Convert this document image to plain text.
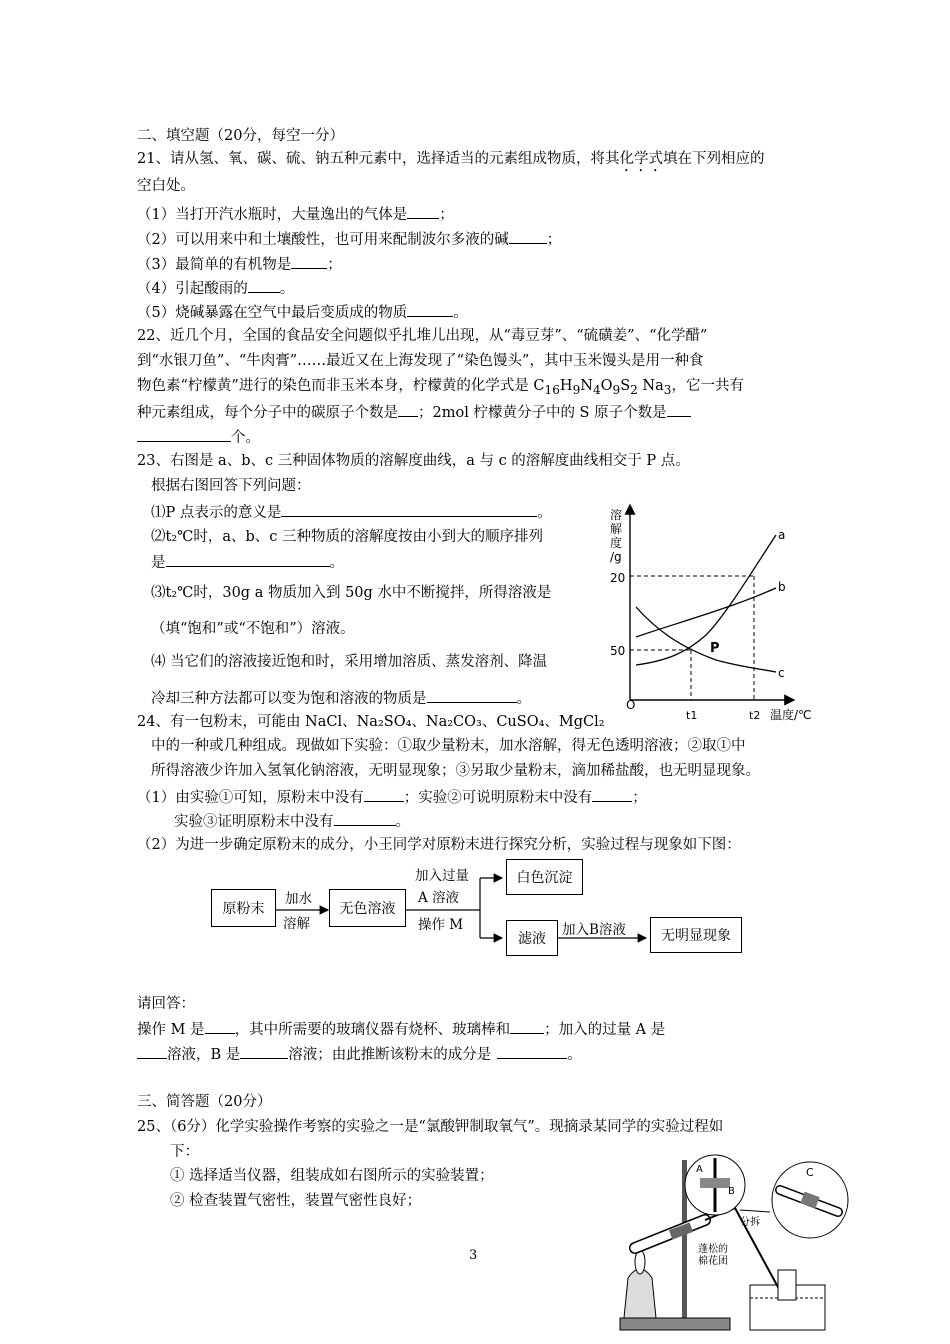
二、填空题（20分，每空一分）
21、请从氢、氧、碳、硫、钠五种元素中，选择适当的元素组成物质，将其化学式填在下列相应的
空白处。
（1）当打开汽水瓶时，大量逸出的气体是 ；
（2）可以用来中和土壤酸性，也可用来配制波尔多液的碱	；
（3）最简单的有机物是 ；
（4）引起酸雨的 。
（5）烧碱暴露在空气中最后变质成的物质	。
22、近几个月，全国的食品安全问题似乎扎堆儿出现，从“毒豆芽”、“硫磺姜”、“化学醋”
到“水银刀鱼”、“牛肉膏”……最近又在上海发现了“染色馒头”，其中玉米馒头是用一种食
物色素“柠檬黄”进行的染色而非玉米本身，柠檬黄的化学式是 $C_{16}H_9N_4O_9S_2$ $Na_3$，它一共有
种元素组成，每个分子中的碳原子个数是 ；2mol 柠檬黄分子中的 S 原子个数是
个。
23、右图是 a、b、c 三种固体物质的溶解度曲线，a 与 c 的溶解度曲线相交于 P 点。
根据右图回答下列问题：
⑴P 点表示的意义是	。
⑵t₂℃时，a、b、c 三种物质的溶解度按由小到大的顺序排列
是	。
⑶t₂℃时，30g a 物质加入到 50g 水中不断搅拌，所得溶液是
（填“饱和”或“不饱和”）溶液。
⑷ 当它们的溶液接近饱和时，采用增加溶质、蒸发溶剂、降温
冷却三种方法都可以变为饱和溶液的物质是	。
溶
解
度
/g
20
50
O
t1	t2 温度/℃
a
b
c
P
24、有一包粉末，可能由 NaCl、Na₂SO₄、Na₂CO₃、CuSO₄、MgCl₂
中的一种或几种组成。现做如下实验：①取少量粉末，加水溶解，得无色透明溶液；②取①中
所得溶液少许加入氢氧化钠溶液，无明显现象；③另取少量粉末，滴加稀盐酸，也无明显现象。
（1）由实验①可知，原粉末中没有	；实验②可说明原粉末中没有	；
实验③证明原粉末中没有	。
（2）为进一步确定原粉末的成分，小王同学对原粉末进行探究分析，实验过程与现象如下图：
原粉末	无色溶液
白色沉淀
滤液	无明显现象
加水
溶解
加入过量
A 溶液
操作 M	加入B溶液
请回答：
操作 M 是 ，其中所需要的玻璃仪器有烧杯、玻璃棒和 ；加入的过量 A 是
溶液，B 是	溶液；由此推断该粉末的成分是	。
三、简答题（20分）
25、（6分）化学实验操作考察的实验之一是“氯酸钾制取氧气”。现摘录某同学的实验过程如
下：
① 选择适当仪器，组装成如右图所示的实验装置；
② 检查装置气密性，装置气密性良好；
A
B
C
分拆
蓬松的
棉花团
3
